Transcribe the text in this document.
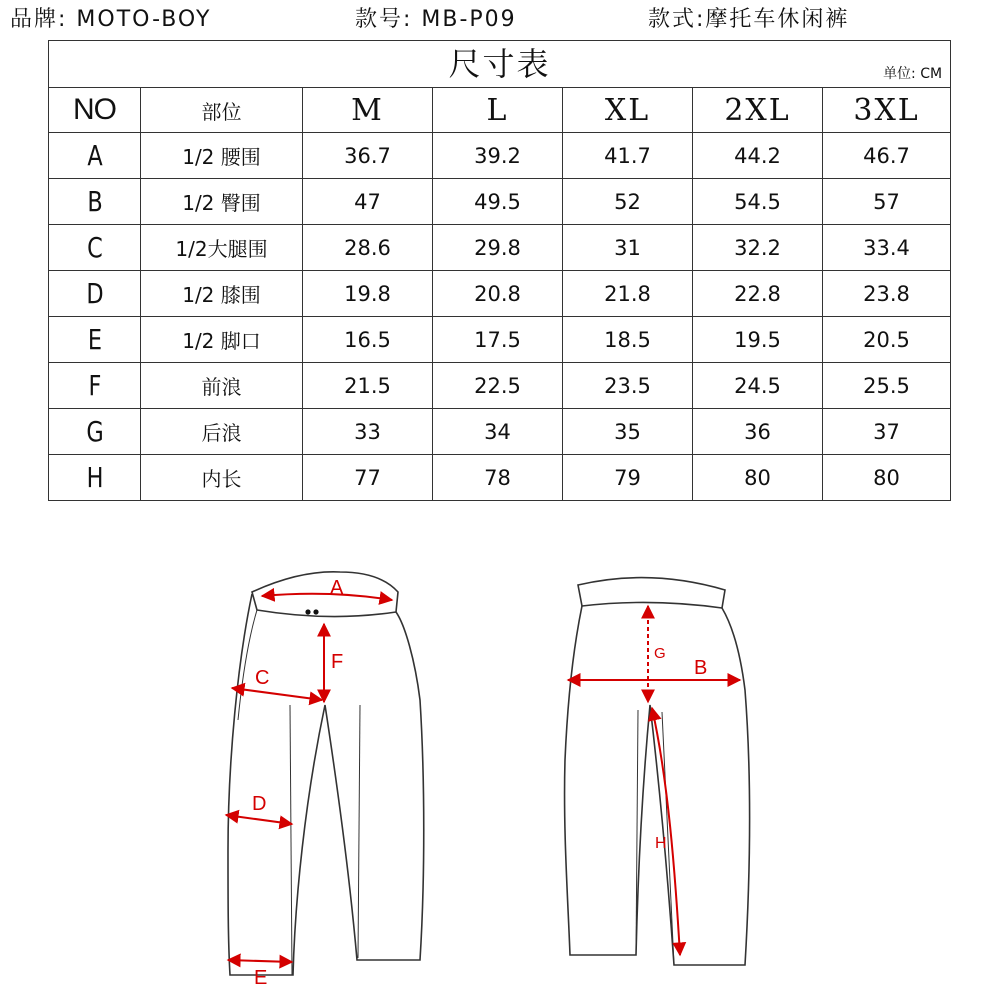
品牌: MOTO-BOY	款号: MB-P09	款式:摩托车休闲裤
尺寸表 单位: CM						

NO	部位	M	L	XL	2XL	3XL
A	1/2 腰围	36.7	39.2	41.7	44.2	46.7
B	1/2 臀围	47	49.5	52	54.5	57
C	1/2大腿围	28.6	29.8	31	32.2	33.4
D	1/2 膝围	19.8	20.8	21.8	22.8	23.8
E	1/2 脚口	16.5	17.5	18.5	19.5	20.5
F	前浪	21.5	22.5	23.5	24.5	25.5
G	后浪	33	34	35	36	37
H	内长	77	78	79	80	80
A
F
C
D
E
G
B
H
